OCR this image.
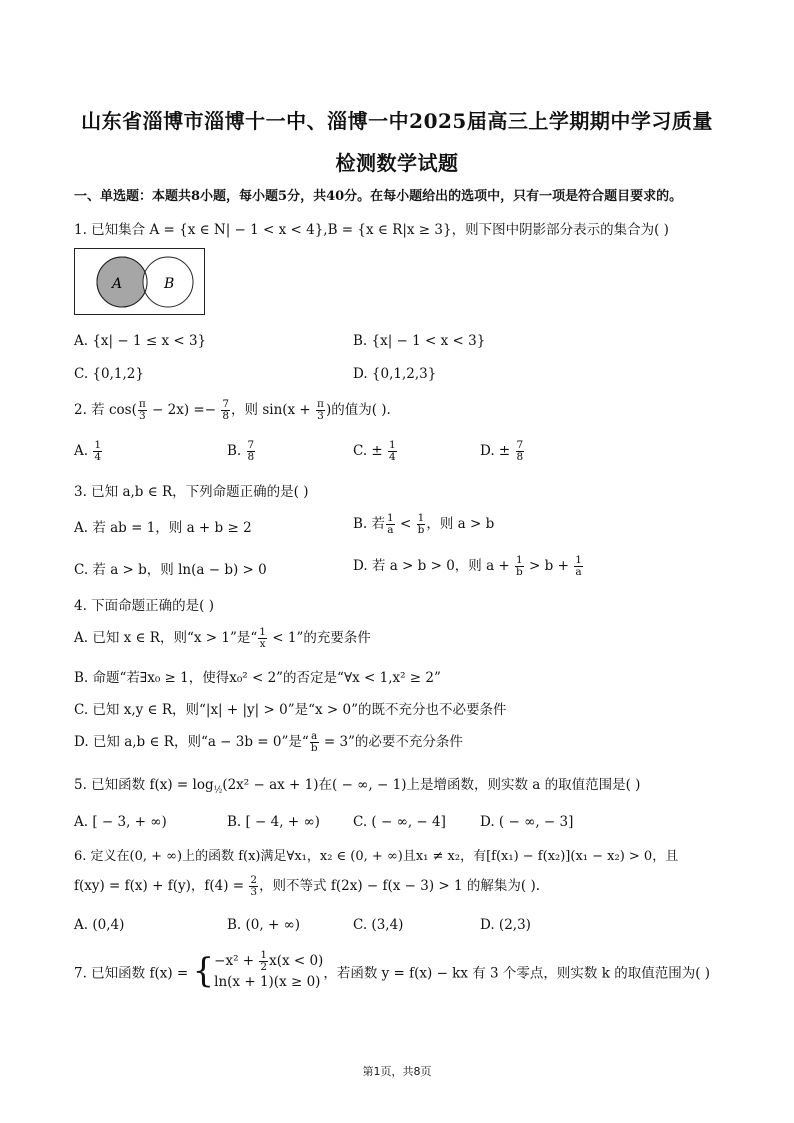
山东省淄博市淄博十一中、淄博一中2025届高三上学期期中学习质量
检测数学试题
一、单选题：本题共8小题，每小题5分，共40分。在每小题给出的选项中，只有一项是符合题目要求的。
1. 已知集合 A = {x ∈ N| − 1 < x < 4},B = {x ∈ R|x ≥ 3}，则下图中阴影部分表示的集合为( )
A	B
A. {x| − 1 ≤ x < 3}	B. {x| − 1 < x < 3}
C. {0,1,2}	D. {0,1,2,3}
2. 若 $\cos( \frac{\pi}{3} - 2x) =- \frac{7}{8}$ ，则 $\sin(x + \frac{\pi}{3}$ )的值为( ).
A. $\frac{1}{4}$	B. $\frac{7}{8}$	C. ± $\frac{1}{4}$	D. ± $\frac{7}{8}$
3. 已知 a,b ∈ R，下列命题正确的是( )
A. 若 ab = 1，则 a + b ≥ 2	B. 若 $\frac{1}{a} < \frac{1}{b}$ ，则 a > b
C. 若 a > b，则 ln(a − b) > 0	D. 若 a > b > 0，则 $a + \frac{1}{b} > b + \frac{1}{a}$
4. 下面命题正确的是( )
A. 已知 x ∈ R，则“x > 1”是“ $\frac{1}{x} < 1$”的充要条件
B. 命题“若∃x₀ ≥ 1，使得x₀² < 2”的否定是“∀x < 1,x² ≥ 2”
C. 已知 x,y ∈ R，则“|x| + |y| > 0”是“x > 0”的既不充分也不必要条件
D. 已知 a,b ∈ R，则“a − 3b = 0”是“ $\frac{a}{b} = 3$”的必要不充分条件
5. 已知函数 $f(x) = \log_{\frac{1}{2}}(2x^2$ − ax + 1)在( − ∞, − 1)上是增函数，则实数 a 的取值范围是( )
A. [ − 3, + ∞)	B. [ − 4, + ∞) C. ( − ∞, − 4]	D. ( − ∞, − 3]
6. 定义在(0, + ∞)上的函数 f(x)满足∀x₁，x₂ ∈ (0, + ∞)且x₁ ≠ x₂，有[f(x₁) − f(x₂)](x₁ − x₂) > 0，且
f(xy) = f(x) + f(y)，$f(4) = \frac{2}{3}$ ，则不等式 f(2x) − f(x − 3) > 1 的解集为( ).
A. (0,4)	B. (0, + ∞)	C. (3,4)	D. (2,3)
7. 已知函数 f(x) = { $-x^2 + \frac{1}{2} x(x < 0)$
ln(x + 1)(x ≥ 0)
，若函数 y = f(x) − kx 有 3 个零点，则实数 k 的取值范围为( )
第1页，共8页
